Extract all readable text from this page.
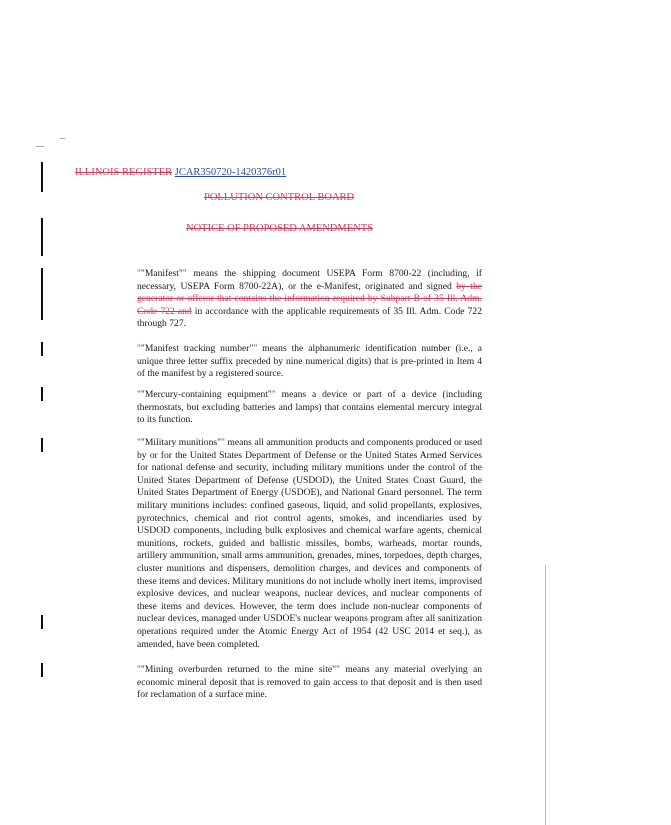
ILLINOIS REGISTER JCAR350720-1420376r01
POLLUTION CONTROL BOARD
NOTICE OF PROPOSED AMENDMENTS
""Manifest"" means the shipping document USEPA Form 8700-22 (including, if necessary, USEPA Form 8700-22A), or the e-Manifest, originated and signed by the generator or offeror that contains the information required by Subpart B of 35 Ill. Adm. Code 722 and in accordance with the applicable requirements of 35 Ill. Adm. Code 722 through 727.
""Manifest tracking number"" means the alphanumeric identification number (i.e., a unique three letter suffix preceded by nine numerical digits) that is pre-printed in Item 4 of the manifest by a registered source.
""Mercury-containing equipment"" means a device or part of a device (including thermostats, but excluding batteries and lamps) that contains elemental mercury integral to its function.
""Military munitions"" means all ammunition products and components produced or used by or for the United States Department of Defense or the United States Armed Services for national defense and security, including military munitions under the control of the United States Department of Defense (USDOD), the United States Coast Guard, the United States Department of Energy (USDOE), and National Guard personnel. The term military munitions includes: confined gaseous, liquid, and solid propellants, explosives, pyrotechnics, chemical and riot control agents, smokes, and incendiaries used by USDOD components, including bulk explosives and chemical warfare agents, chemical munitions, rockets, guided and ballistic missiles, bombs, warheads, mortar rounds, artillery ammunition, small arms ammunition, grenades, mines, torpedoes, depth charges, cluster munitions and dispensers, demolition charges, and devices and components of these items and devices. Military munitions do not include wholly inert items, improvised explosive devices, and nuclear weapons, nuclear devices, and nuclear components of these items and devices. However, the term does include non-nuclear components of nuclear devices, managed under USDOE's nuclear weapons program after all sanitization operations required under the Atomic Energy Act of 1954 (42 USC 2014 et seq.), as amended, have been completed.
""Mining overburden returned to the mine site"" means any material overlying an economic mineral deposit that is removed to gain access to that deposit and is then used for reclamation of a surface mine.
